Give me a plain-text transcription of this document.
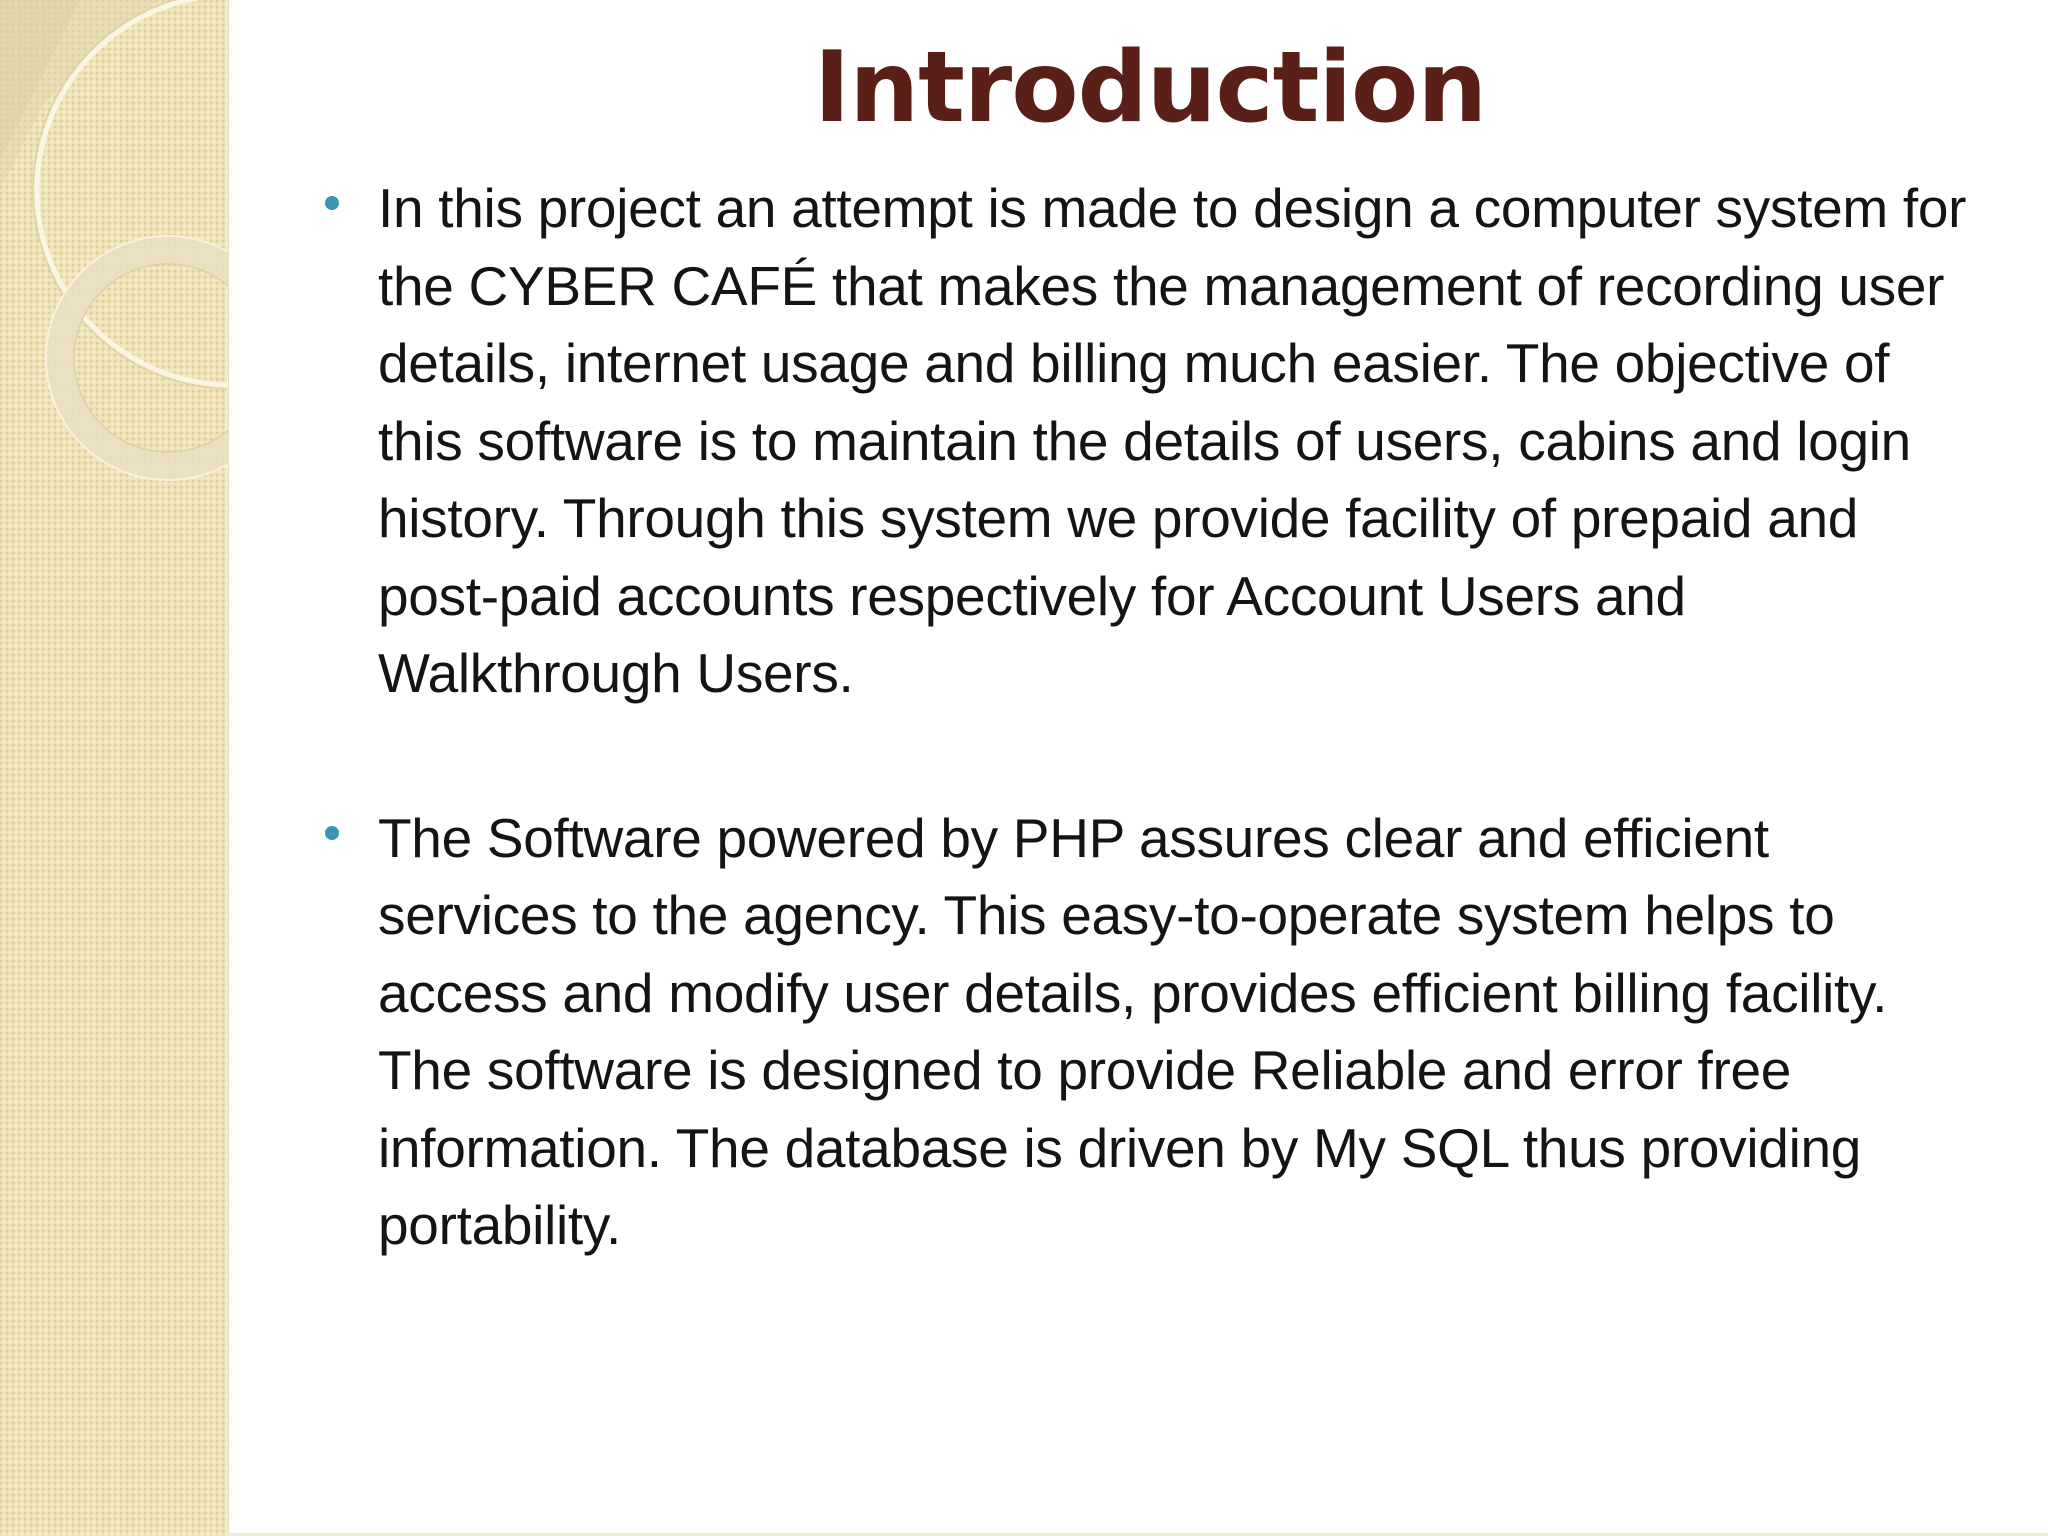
Introduction
In this project an attempt is made to design a computer system for the CYBER CAFÉ that makes the management of recording user details, internet usage and billing much easier. The objective of this software is to maintain the details of users, cabins and login history. Through this system we provide facility of prepaid and post-paid accounts respectively for Account Users and Walkthrough Users.
The Software powered by PHP assures clear and efficient services to the agency. This easy-to-operate system helps to access and modify user details, provides efficient billing facility. The software is designed to provide Reliable and error free information. The database is driven by My SQL thus providing portability.
